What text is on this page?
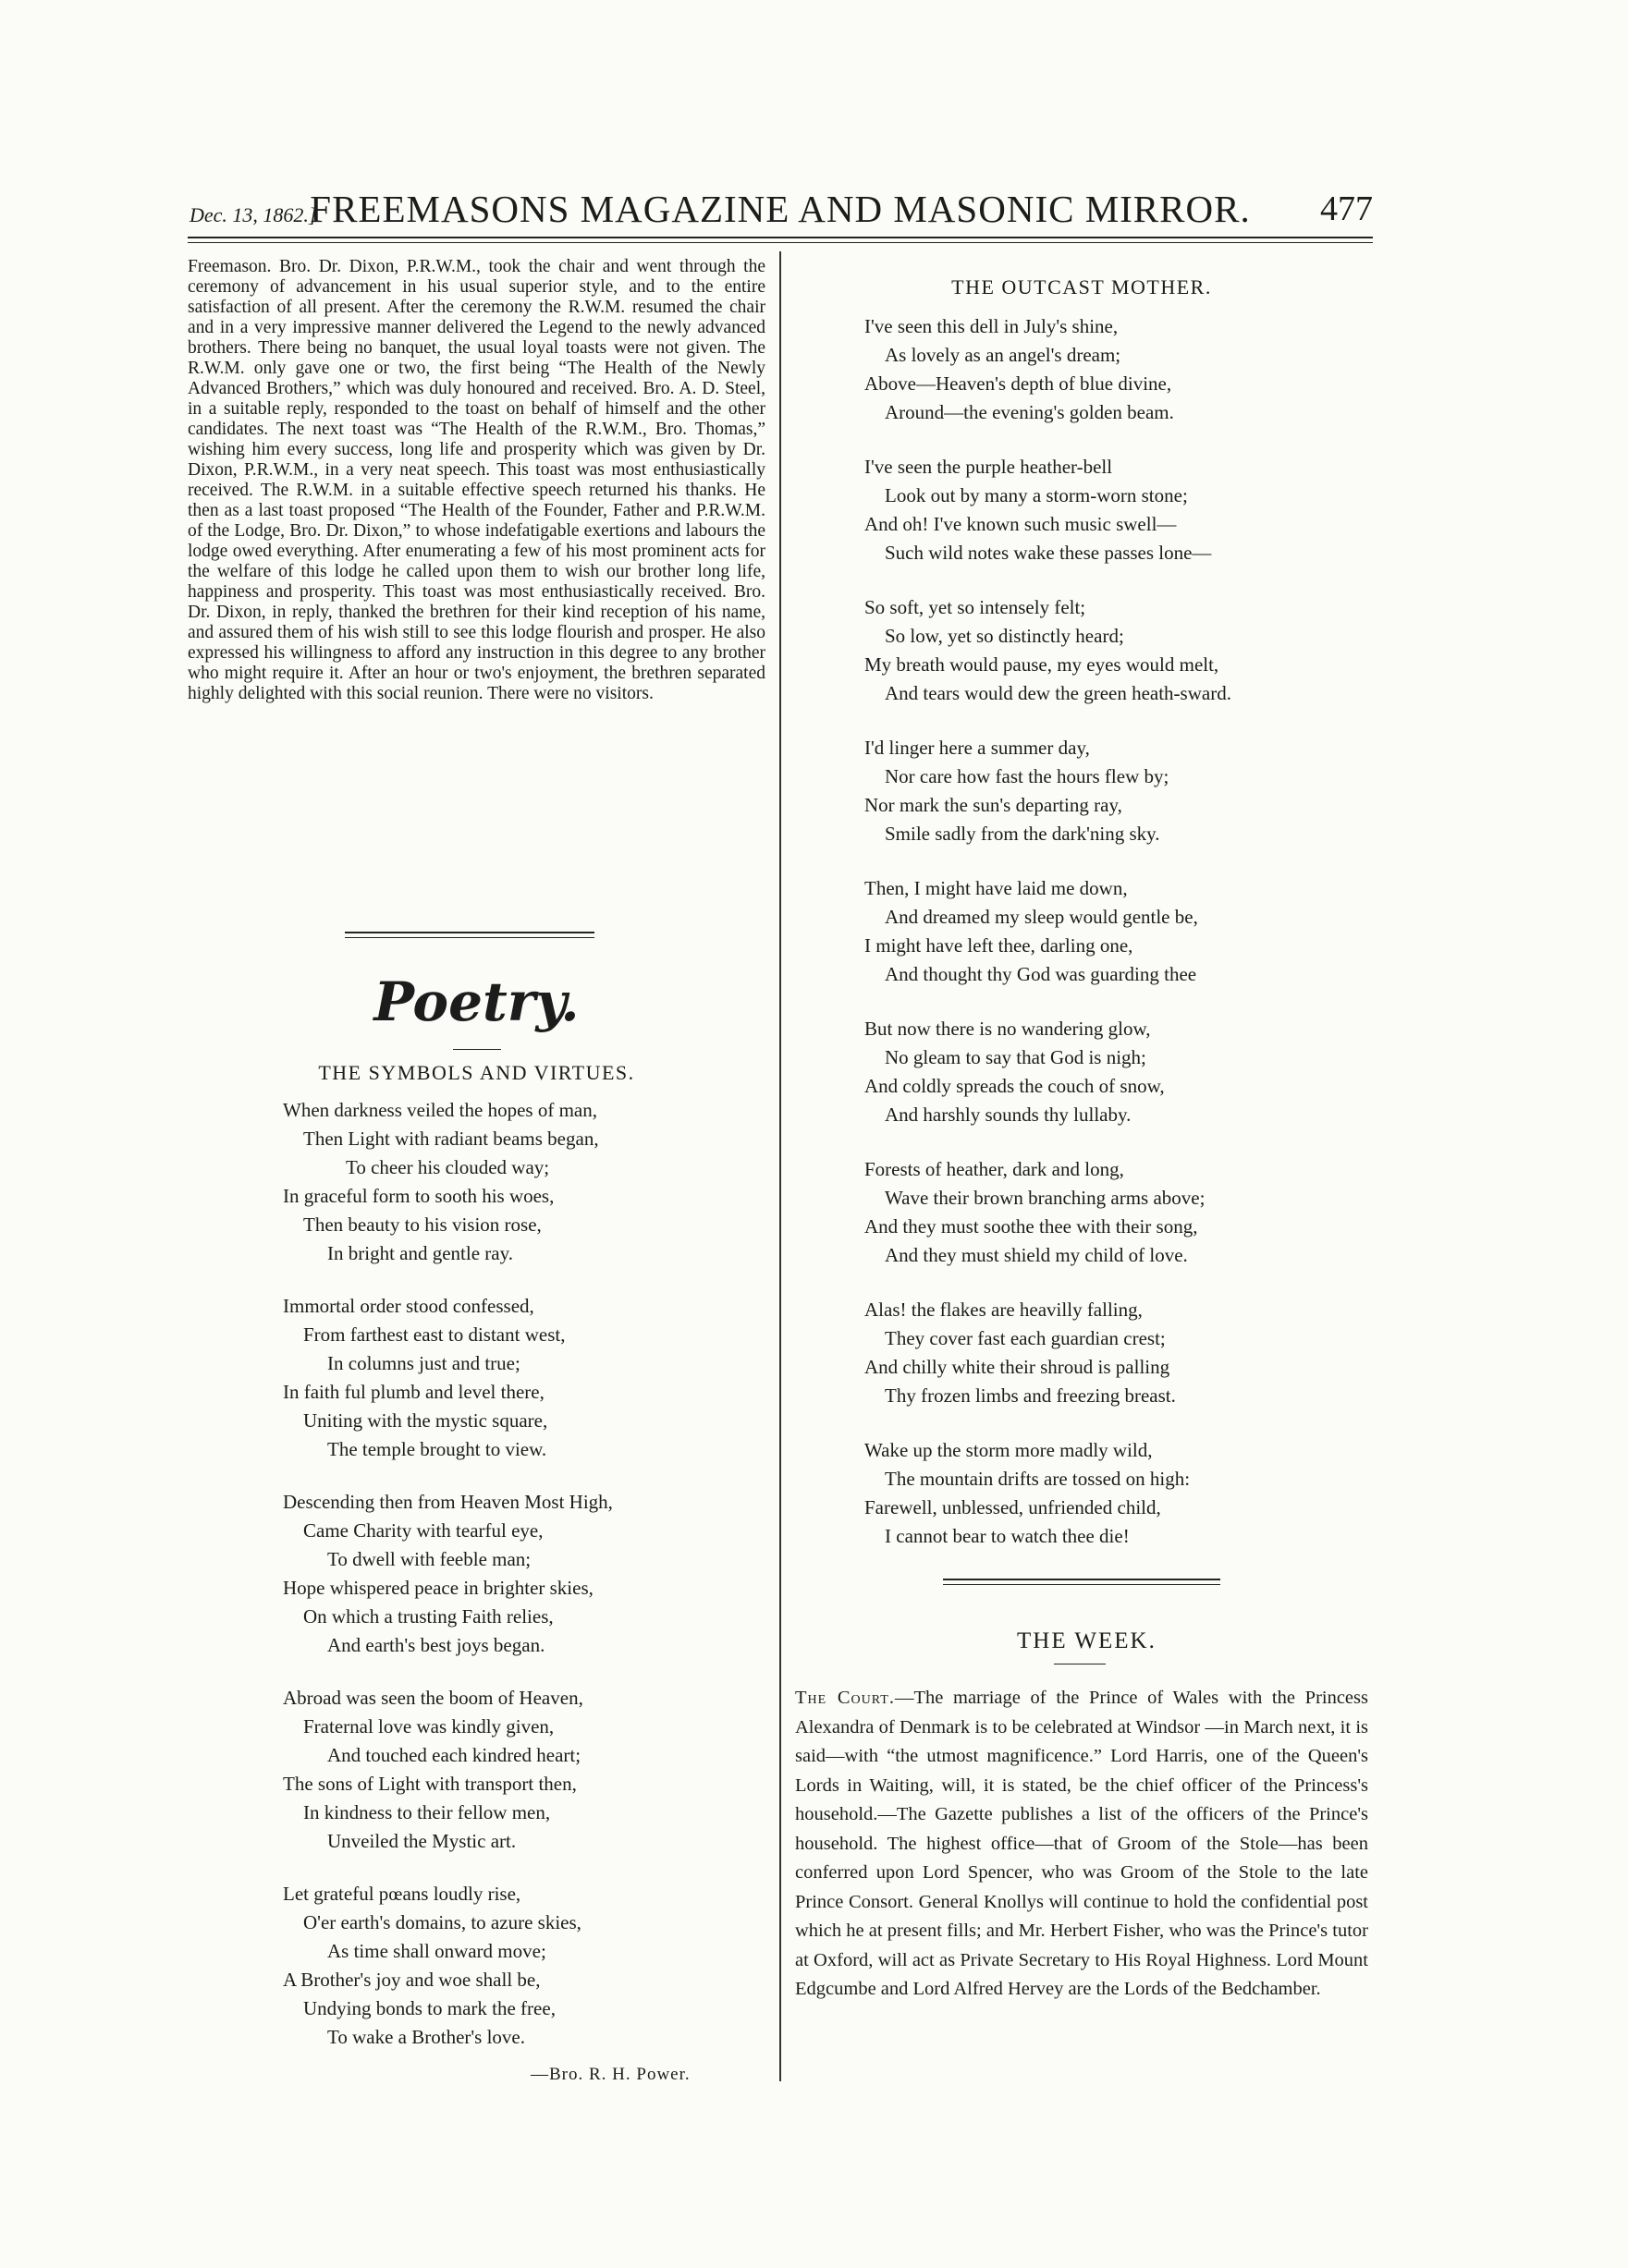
Dec. 13, 1862.]
FREEMASONS MAGAZINE AND MASONIC MIRROR.	477

Freemason. Bro. Dr. Dixon, P.R.W.M., took the chair and went through the ceremony of advancement in his usual superior style, and to the entire satisfaction of all present. After the ceremony the R.W.M. resumed the chair and in a very impressive manner delivered the Legend to the newly advanced brothers. There being no banquet, the usual loyal toasts were not given. The R.W.M. only gave one or two, the first being “The Health of the Newly Advanced Brothers,” which was duly honoured and received. Bro. A. D. Steel, in a suitable reply, responded to the toast on behalf of himself and the other candidates. The next toast was “The Health of the R.W.M., Bro. Thomas,” wishing him every success, long life and prosperity which was given by Dr. Dixon, P.R.W.M., in a very neat speech. This toast was most enthusiastically received. The R.W.M. in a suitable effective speech returned his thanks. He then as a last toast proposed “The Health of the Founder, Father and P.R.W.M. of the Lodge, Bro. Dr. Dixon,” to whose indefatigable exertions and labours the lodge owed everything. After enumerating a few of his most prominent acts for the welfare of this lodge he called upon them to wish our brother long life, happiness and prosperity. This toast was most enthusiastically received. Bro. Dr. Dixon, in reply, thanked the brethren for their kind reception of his name, and assured them of his wish still to see this lodge flourish and prosper. He also expressed his willingness to afford any instruction in this degree to any brother who might require it. After an hour or two's enjoyment, the brethren separated highly delighted with this social reunion. There were no visitors.

Poetry.
THE SYMBOLS AND VIRTUES.
When darkness veiled the hopes of man,
Then Light with radiant beams began,
To cheer his clouded way;
In graceful form to sooth his woes,
Then beauty to his vision rose,
In bright and gentle ray.
Immortal order stood confessed,
From farthest east to distant west,
In columns just and true;
In faith ful plumb and level there,
Uniting with the mystic square,
The temple brought to view.
Descending then from Heaven Most High,
Came Charity with tearful eye,
To dwell with feeble man;
Hope whispered peace in brighter skies,
On which a trusting Faith relies,
And earth's best joys began.
Abroad was seen the boom of Heaven,
Fraternal love was kindly given,
And touched each kindred heart;
The sons of Light with transport then,
In kindness to their fellow men,
Unveiled the Mystic art.
Let grateful pœans loudly rise,
O'er earth's domains, to azure skies,
As time shall onward move;
A Brother's joy and woe shall be,
Undying bonds to mark the free,
To wake a Brother's love.
—Bro. R. H. Power.
THE OUTCAST MOTHER.
I've seen this dell in July's shine,
As lovely as an angel's dream;
Above—Heaven's depth of blue divine,
Around—the evening's golden beam.
I've seen the purple heather-bell
Look out by many a storm-worn stone;
And oh! I've known such music swell—
Such wild notes wake these passes lone—
So soft, yet so intensely felt;
So low, yet so distinctly heard;
My breath would pause, my eyes would melt,
And tears would dew the green heath-sward.
I'd linger here a summer day,
Nor care how fast the hours flew by;
Nor mark the sun's departing ray,
Smile sadly from the dark'ning sky.
Then, I might have laid me down,
And dreamed my sleep would gentle be,
I might have left thee, darling one,
And thought thy God was guarding thee
But now there is no wandering glow,
No gleam to say that God is nigh;
And coldly spreads the couch of snow,
And harshly sounds thy lullaby.
Forests of heather, dark and long,
Wave their brown branching arms above;
And they must soothe thee with their song,
And they must shield my child of love.
Alas! the flakes are heavilly falling,
They cover fast each guardian crest;
And chilly white their shroud is palling
Thy frozen limbs and freezing breast.
Wake up the storm more madly wild,
The mountain drifts are tossed on high:
Farewell, unblessed, unfriended child,
I cannot bear to watch thee die!
THE WEEK.
The Court.—The marriage of the Prince of Wales with the Princess Alexandra of Denmark is to be celebrated at Windsor —in March next, it is said—with “the utmost magnificence.” Lord Harris, one of the Queen's Lords in Waiting, will, it is stated, be the chief officer of the Princess's household.—The Gazette publishes a list of the officers of the Prince's household. The highest office—that of Groom of the Stole—has been conferred upon Lord Spencer, who was Groom of the Stole to the late Prince Consort. General Knollys will continue to hold the confidential post which he at present fills; and Mr. Herbert Fisher, who was the Prince's tutor at Oxford, will act as Private Secretary to His Royal Highness. Lord Mount Edgcumbe and Lord Alfred Hervey are the Lords of the Bedchamber.
